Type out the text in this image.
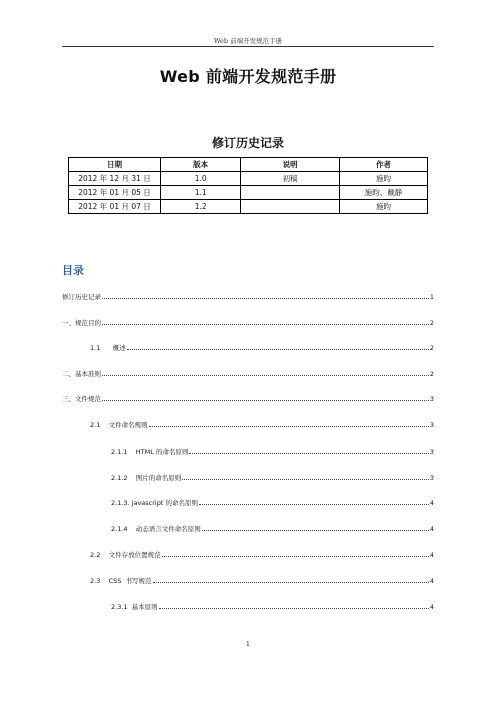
Web 前端开发规范手册
Web 前端开发规范手册
修订历史记录
日期	版本	说明	作者
2012 年 12 月 31 日	1.0	初稿	施昀
2012 年 01 月 05 日	1.1		施昀、戴静
2012 年 01 月 07 日	1.2		施昀
目录
修订历史记录	1
一、规范目的	2
1.1      概述	2
二、基本准则	2
三、文件规范	3
2.1    文件命名规则	3
2.1.1    HTML 的命名原则	3
2.1.2    图片的命名原则	3
2.1.3. javascript 的命名原则	4
2.1.4    动态语言文件命名原则	4
2.2    文件存放位置规范	4
2.3    CSS  书写规范	4
2.3.1  基本原则	4
1
